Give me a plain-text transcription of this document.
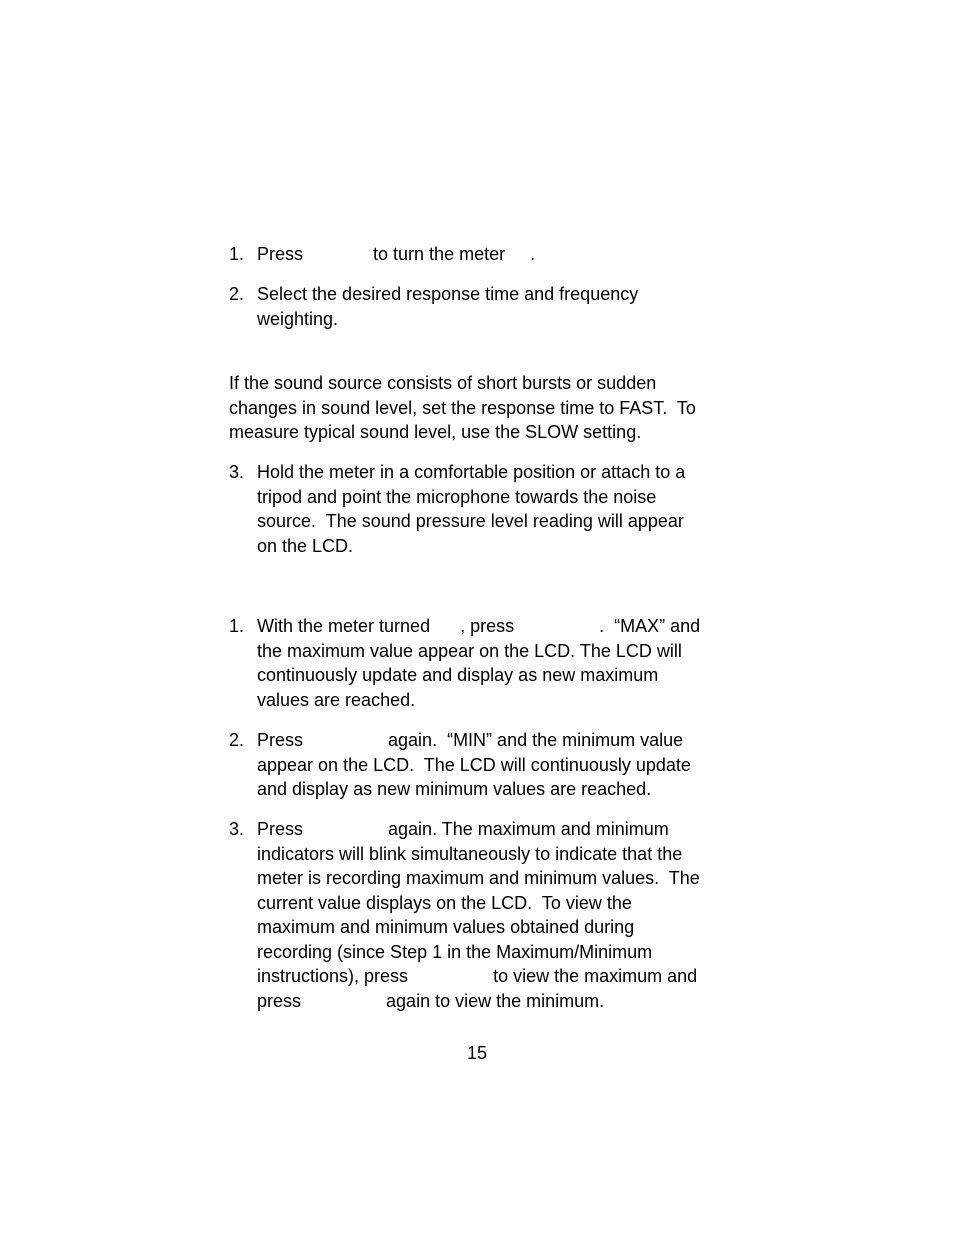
1. Press              to turn the meter     .
2. Select the desired response time and frequency
weighting.
If the sound source consists of short bursts or sudden
changes in sound level, set the response time to FAST.  To
measure typical sound level, use the SLOW setting.
3. Hold the meter in a comfortable position or attach to a
tripod and point the microphone towards the noise
source.  The sound pressure level reading will appear
on the LCD.
1. With the meter turned      , press                 .  “MAX” and
the maximum value appear on the LCD. The LCD will
continuously update and display as new maximum
values are reached.
2. Press                 again.  “MIN” and the minimum value
appear on the LCD.  The LCD will continuously update
and display as new minimum values are reached.
3. Press                 again. The maximum and minimum
indicators will blink simultaneously to indicate that the
meter is recording maximum and minimum values.  The
current value displays on the LCD.  To view the
maximum and minimum values obtained during
recording (since Step 1 in the Maximum/Minimum
instructions), press                 to view the maximum and
press                 again to view the minimum.
15
